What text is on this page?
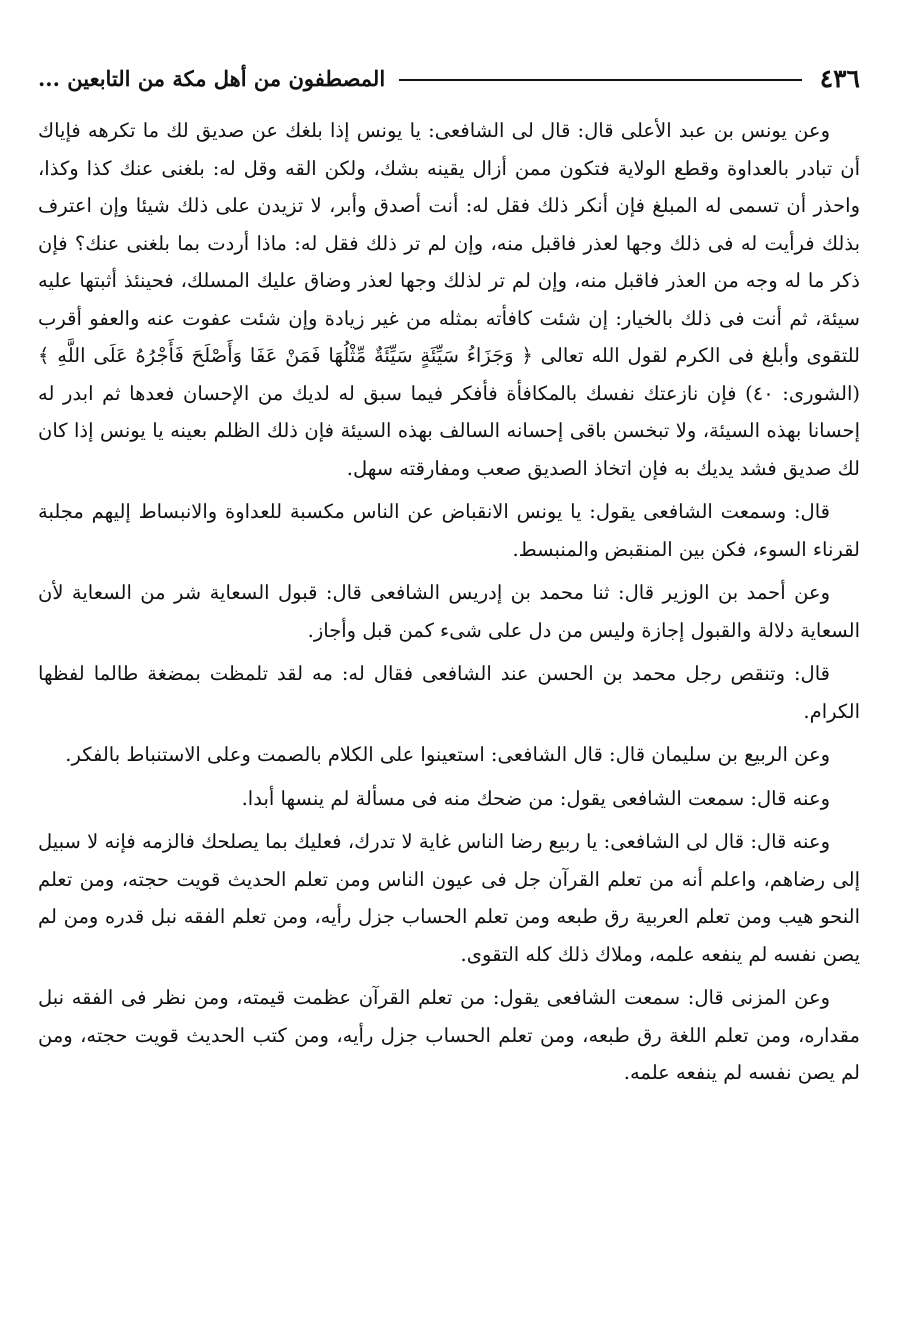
٤٣٦
المصطفون من أهل مكة من التابعين ...

وعن يونس بن عبد الأعلى قال: قال لى الشافعى: يا يونس إذا بلغك عن صديق لك ما تكرهه فإياك أن تبادر بالعداوة وقطع الولاية فتكون ممن أزال يقينه بشك، ولكن القه وقل له: بلغنى عنك كذا وكذا، واحذر أن تسمى له المبلغ فإن أنكر ذلك فقل له: أنت أصدق وأبر، لا تزيدن على ذلك شيئا وإن اعترف بذلك فرأيت له فى ذلك وجها لعذر فاقبل منه، وإن لم تر ذلك فقل له: ماذا أردت بما بلغنى عنك؟ فإن ذكر ما له وجه من العذر فاقبل منه، وإن لم تر لذلك وجها لعذر وضاق عليك المسلك، فحينئذ أثبتها عليه سيئة، ثم أنت فى ذلك بالخيار: إن شئت كافأته بمثله من غير زيادة وإن شئت عفوت عنه والعفو أقرب للتقوى وأبلغ فى الكرم لقول الله تعالى ﴿ وَجَزَاءُ سَيِّئَةٍ سَيِّئَةٌ مِّثْلُهَا فَمَنْ عَفَا وَأَصْلَحَ فَأَجْرُهُ عَلَى اللَّهِ ﴾ (الشورى: ٤٠) فإن نازعتك نفسك بالمكافأة فأفكر فيما سبق له لديك من الإحسان فعدها ثم ابدر له إحسانا بهذه السيئة، ولا تبخسن باقى إحسانه السالف بهذه السيئة فإن ذلك الظلم بعينه يا يونس إذا كان لك صديق فشد يديك به فإن اتخاذ الصديق صعب ومفارقته سهل.

قال: وسمعت الشافعى يقول: يا يونس الانقباض عن الناس مكسبة للعداوة والانبساط إليهم مجلبة لقرناء السوء، فكن بين المنقبض والمنبسط.

وعن أحمد بن الوزير قال: ثنا محمد بن إدريس الشافعى قال: قبول السعاية شر من السعاية لأن السعاية دلالة والقبول إجازة وليس من دل على شىء كمن قبل وأجاز.

قال: وتنقص رجل محمد بن الحسن عند الشافعى فقال له: مه لقد تلمظت بمضغة طالما لفظها الكرام.

وعن الربيع بن سليمان قال: قال الشافعى: استعينوا على الكلام بالصمت وعلى الاستنباط بالفكر.

وعنه قال: سمعت الشافعى يقول: من ضحك منه فى مسألة لم ينسها أبدا.

وعنه قال: قال لى الشافعى: يا ربيع رضا الناس غاية لا تدرك، فعليك بما يصلحك فالزمه فإنه لا سبيل إلى رضاهم، واعلم أنه من تعلم القرآن جل فى عيون الناس ومن تعلم الحديث قويت حجته، ومن تعلم النحو هيب ومن تعلم العربية رق طبعه ومن تعلم الحساب جزل رأيه، ومن تعلم الفقه نبل قدره ومن لم يصن نفسه لم ينفعه علمه، وملاك ذلك كله التقوى.

وعن المزنى قال: سمعت الشافعى يقول: من تعلم القرآن عظمت قيمته، ومن نظر فى الفقه نبل مقداره، ومن تعلم اللغة رق طبعه، ومن تعلم الحساب جزل رأيه، ومن كتب الحديث قويت حجته، ومن لم يصن نفسه لم ينفعه علمه.
